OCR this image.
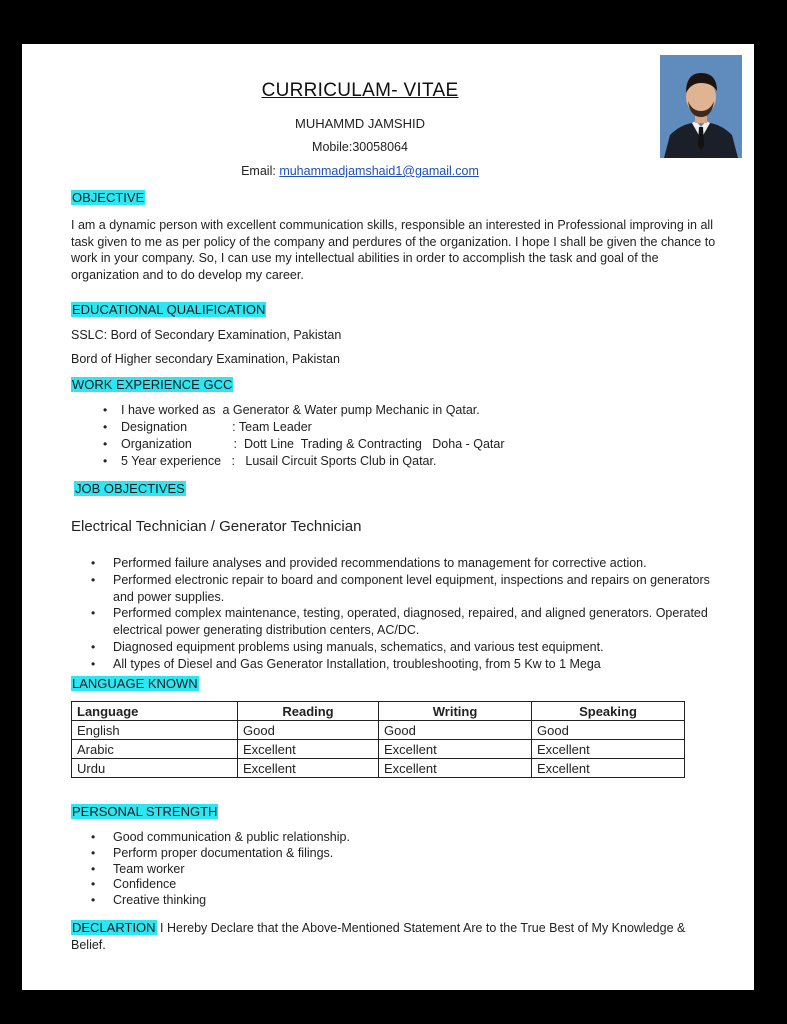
CURRICULAM- VITAE
MUHAMMD JAMSHID
Mobile:30058064
Email: muhammadjamshaid1@gamail.com
OBJECTIVE
I am a dynamic person with excellent communication skills, responsible an interested in Professional improving in all task given to me as per policy of the company and perdures of the organization. I hope I shall be given the chance to work in your company. So, I can use my intellectual abilities in order to accomplish the task and goal of the organization and to do develop my career.
EDUCATIONAL QUALIFICATION
SSLC: Bord of Secondary Examination, Pakistan
Bord of Higher secondary Examination, Pakistan
WORK EXPERIENCE GCC
• I have worked as  a Generator & Water pump Mechanic in Qatar.
• Designation             : Team Leader
• Organization            :  Dott Line  Trading & Contracting   Doha - Qatar
• 5 Year experience   :   Lusail Circuit Sports Club in Qatar.
JOB OBJECTIVES
Electrical Technician / Generator Technician
• Performed failure analyses and provided recommendations to management for corrective action.
• Performed electronic repair to board and component level equipment, inspections and repairs on generators and power supplies.
• Performed complex maintenance, testing, operated, diagnosed, repaired, and aligned generators. Operated electrical power generating distribution centers, AC/DC.
• Diagnosed equipment problems using manuals, schematics, and various test equipment.
• All types of Diesel and Gas Generator Installation, troubleshooting, from 5 Kw to 1 Mega
LANGUAGE KNOWN
Language	Reading	Writing	Speaking
English	Good	Good	Good
Arabic	Excellent	Excellent	Excellent
Urdu	Excellent	Excellent	Excellent
PERSONAL STRENGTH
• Good communication & public relationship.
• Perform proper documentation & filings.
• Team worker
• Confidence
• Creative thinking
DECLARTION I Hereby Declare that the Above-Mentioned Statement Are to the True Best of My Knowledge & Belief.
